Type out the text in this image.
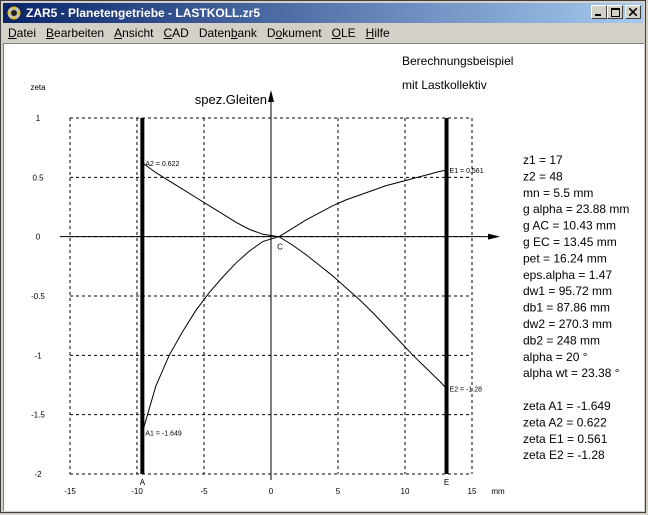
ZAR5 - Planetengetriebe - LASTKOLL.zr5
Datei Bearbeiten Ansicht CAD Datenbank Dokument OLE Hilfe
Berechnungsbeispiel
mit Lastkollektiv
-15	-10	-5	0	5	10	15
1
0.5
0
-0.5
-1
-1.5
-2
spez.Gleiten
zeta
mm
A
C
E
A2 = 0.622
A1 = -1.649
E1 = 0.561
E2 = -1.28
z1 = 17
z2 = 48
mn = 5.5 mm
g alpha = 23.88 mm
g AC = 10.43 mm
g EC = 13.45 mm
pet = 16.24 mm
eps.alpha = 1.47
dw1 = 95.72 mm
db1 = 87.86 mm
dw2 = 270.3 mm
db2 = 248 mm
alpha = 20 °
alpha wt = 23.38 °
zeta A1 = -1.649
zeta A2 = 0.622
zeta E1 = 0.561
zeta E2 = -1.28
